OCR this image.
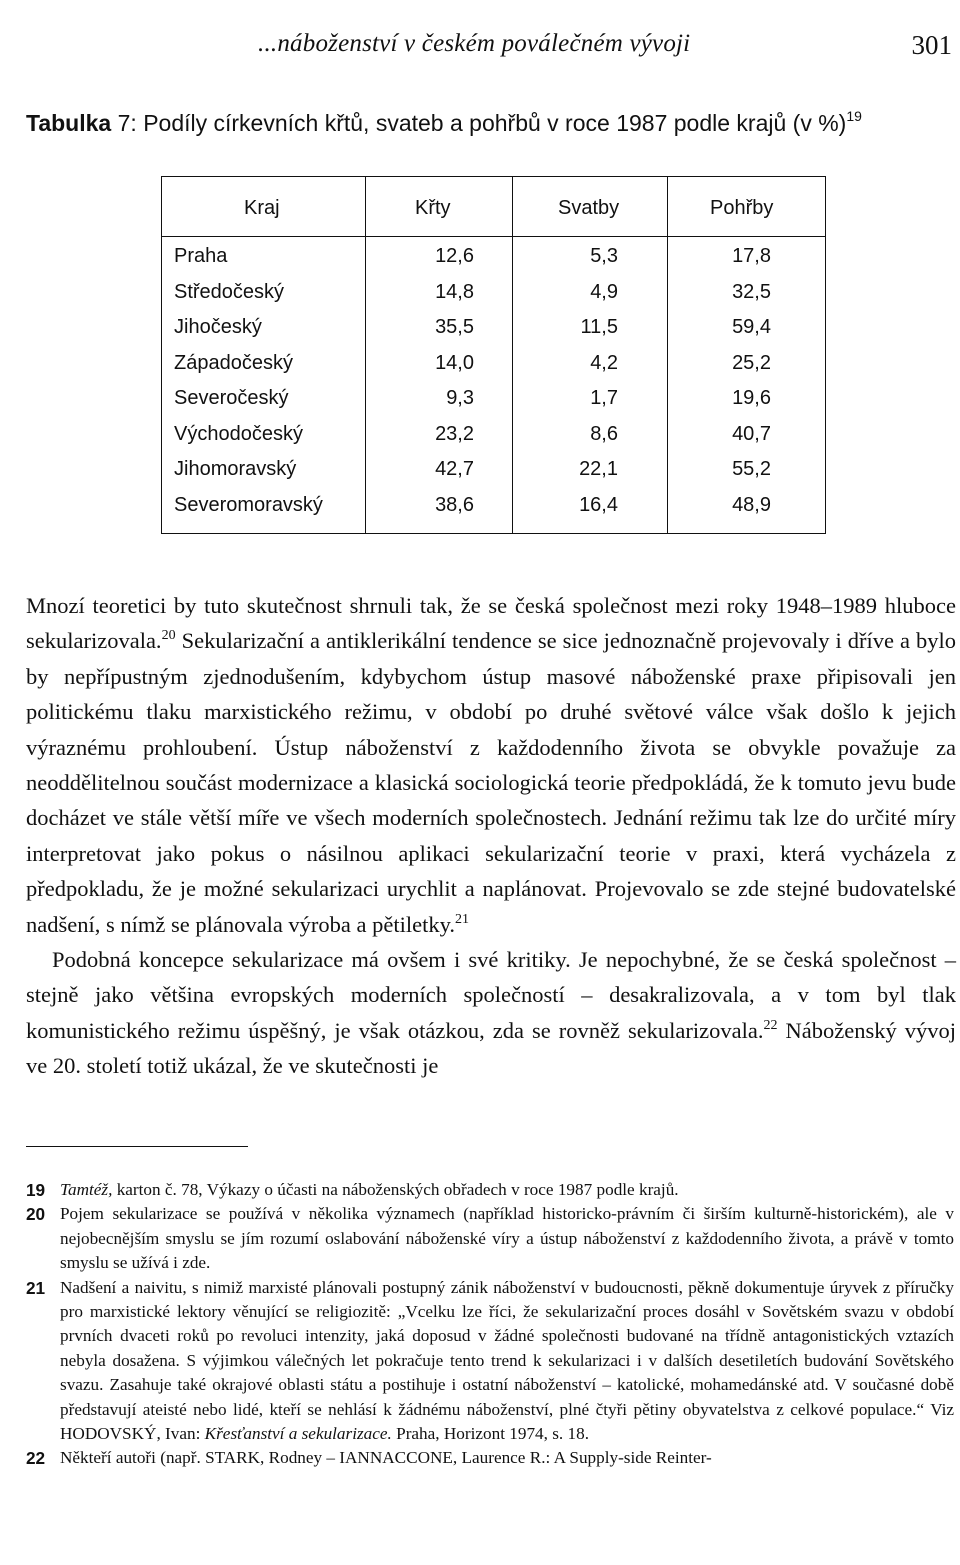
...náboženství v českém poválečném vývoji	301
Tabulka 7: Podíly církevních křtů, svateb a pohřbů v roce 1987 podle krajů (v %)$^{19}$
Kraj	Křty	Svatby	Pohřby
Praha	12,6	5,3	17,8
Středočeský	14,8	4,9	32,5
Jihočeský	35,5	11,5	59,4
Západočeský	14,0	4,2	25,2
Severočeský	9,3	1,7	19,6
Východočeský	23,2	8,6	40,7
Jihomoravský	42,7	22,1	55,2
Severomoravský	38,6	16,4	48,9

Mnozí teoretici by tuto skutečnost shrnuli tak, že se česká společnost mezi roky 1948–1989 hluboce sekularizovala.$^{20}$ Sekularizační a antiklerikální tendence se sice jednoznačně projevovaly i dříve a bylo by nepřípustným zjednodušením, kdybychom ústup masové náboženské praxe připisovali jen politickému tlaku marxistického režimu, v období po druhé světové válce však došlo k jejich výraznému prohloubení. Ústup náboženství z každodenního života se obvykle považuje za neoddělitelnou součást modernizace a klasická sociologická teorie předpokládá, že k tomuto jevu bude docházet ve stále větší míře ve všech moderních společnostech. Jednání režimu tak lze do určité míry interpretovat jako pokus o násilnou aplikaci sekularizační teorie v praxi, která vycházela z předpokladu, že je možné sekularizaci urychlit a naplánovat. Projevovalo se zde stejné budovatelské nadšení, s nímž se plánovala výroba a pětiletky.$^{21}$

Podobná koncepce sekularizace má ovšem i své kritiky. Je nepochybné, že se česká společnost – stejně jako většina evropských moderních společností – desakralizovala, a v tom byl tlak komunistického režimu úspěšný, je však otázkou, zda se rovněž sekularizovala.$^{22}$ Náboženský vývoj ve 20. století totiž ukázal, že ve skutečnosti je

19 Tamtéž, karton č. 78, Výkazy o účasti na náboženských obřadech v roce 1987 podle krajů.

20 Pojem sekularizace se používá v několika významech (například historicko-právním či širším kulturně-historickém), ale v nejobecnějším smyslu se jím rozumí oslabování náboženské víry a ústup náboženství z každodenního života, a právě v tomto smyslu se užívá i zde.

21 Nadšení a naivitu, s nimiž marxisté plánovali postupný zánik náboženství v budoucnosti, pěkně dokumentuje úryvek z příručky pro marxistické lektory věnující se religiozitě: „Vcelku lze říci, že sekularizační proces dosáhl v Sovětském svazu v období prvních dvaceti roků po revoluci intenzity, jaká doposud v žádné společnosti budované na třídně antagonistických vztazích nebyla dosažena. S výjimkou válečných let pokračuje tento trend k sekularizaci i v dalších desetiletích budování Sovětského svazu. Zasahuje také okrajové oblasti státu a postihuje i ostatní náboženství – katolické, mohamedánské atd. V současné době představují ateisté nebo lidé, kteří se nehlásí k žádnému náboženství, plné čtyři pětiny obyvatelstva z celkové populace.“ Viz HODOVSKÝ, Ivan: Křesťanství a sekularizace. Praha, Horizont 1974, s. 18.

22 Někteří autoři (např. STARK, Rodney – IANNACCONE, Laurence R.: A Supply-side Reinter-
